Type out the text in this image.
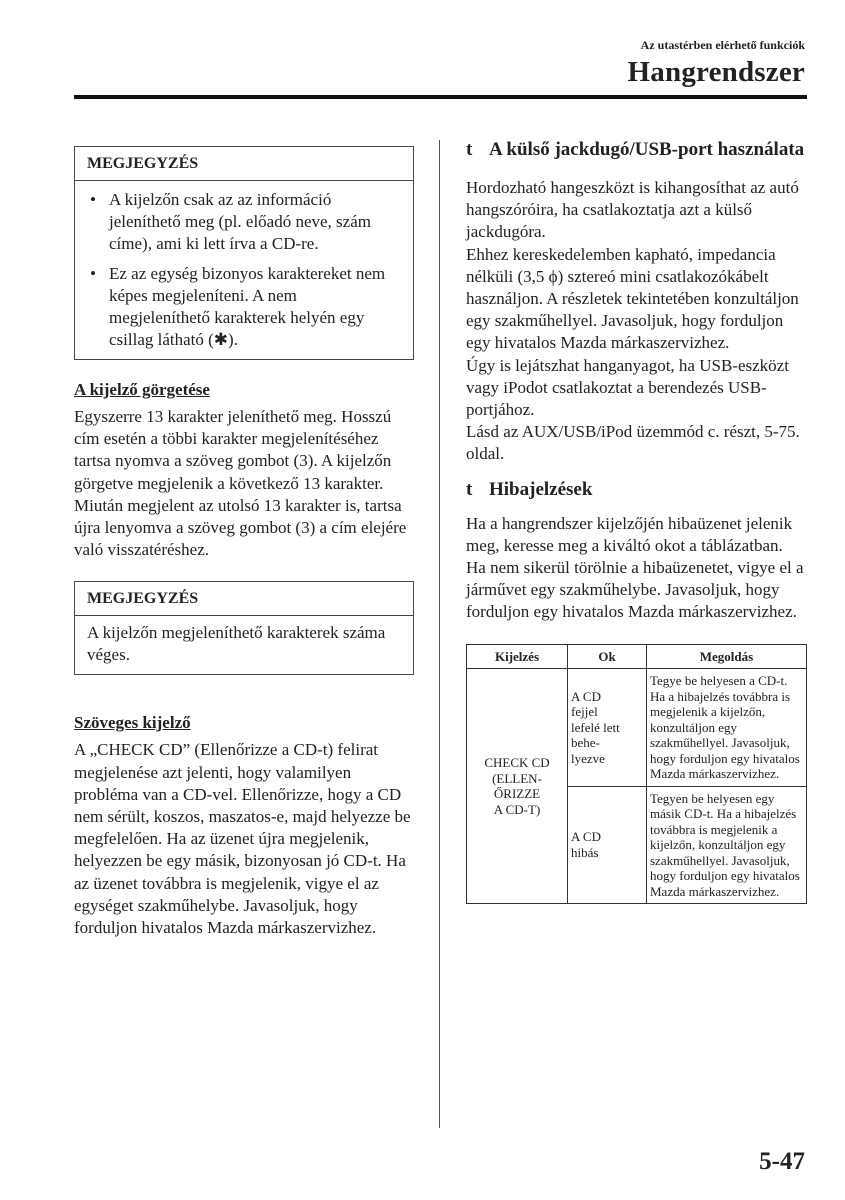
Az utastérben elérhető funkciók
Hangrendszer
MEGJEGYZÉS
• A kijelzőn csak az az információ jeleníthető meg (pl. előadó neve, szám címe), ami ki lett írva a CD-re.
• Ez az egység bizonyos karaktereket nem képes megjeleníteni. A nem megjeleníthető karakterek helyén egy csillag látható (✱).
A kijelző görgetése

Egyszerre 13 karakter jeleníthető meg. Hosszú cím esetén a többi karakter megjelenítéséhez tartsa nyomva a szöveg gombot (3). A kijelzőn görgetve megjelenik a következő 13 karakter. Miután megjelent az utolsó 13 karakter is, tartsa újra lenyomva a szöveg gombot (3) a cím elejére való visszatéréshez.

MEGJEGYZÉS
A kijelzőn megjeleníthető karakterek száma véges.
Szöveges kijelző

A „CHECK CD” (Ellenőrizze a CD-t) felirat megjelenése azt jelenti, hogy valamilyen probléma van a CD-vel. Ellenőrizze, hogy a CD nem sérült, koszos, maszatos-e, majd helyezze be megfelelően. Ha az üzenet újra megjelenik, helyezzen be egy másik, bizonyosan jó CD-t. Ha az üzenet továbbra is megjelenik, vigye el az egységet szakműhelybe. Javasoljuk, hogy forduljon hivatalos Mazda márkaszervizhez.

t A külső jackdugó/USB-port használata

Hordozható hangeszközt is kihangosíthat az autó hangszóróira, ha csatlakoztatja azt a külső jackdugóra.
Ehhez kereskedelemben kapható, impedancia nélküli (3,5 ϕ) sztereó mini csatlakozókábelt használjon. A részletek tekintetében konzultáljon egy szakműhellyel. Javasoljuk, hogy forduljon egy hivatalos Mazda márkaszervizhez.
Úgy is lejátszhat hanganyagot, ha USB-eszközt vagy iPodot csatlakoztat a berendezés USB-portjához.
Lásd az AUX/USB/iPod üzemmód c. részt, 5-75. oldal.

t Hibajelzések

Ha a hangrendszer kijelzőjén hibaüzenet jelenik meg, keresse meg a kiváltó okot a táblázatban. Ha nem sikerül törölnie a hibaüzenetet, vigye el a járművet egy szakműhelybe. Javasoljuk, hogy forduljon egy hivatalos Mazda márkaszervizhez.

Kijelzés	Ok	Megoldás
CHECK CD
(ELLEN-
ŐRIZZE
A CD-T)	A CD
fejjel
lefelé lett
behe-
lyezve	Tegye be helyesen a CD-t. Ha a hibajelzés továbbra is megjelenik a kijelzőn, konzultáljon egy szakműhellyel. Javasoljuk, hogy forduljon egy hivatalos Mazda márkaszervizhez.
	A CD
hibás	Tegyen be helyesen egy másik CD-t. Ha a hibajelzés továbbra is megjelenik a kijelzőn, konzultáljon egy szakműhellyel. Javasoljuk, hogy forduljon egy hivatalos Mazda márkaszervizhez.
5-47
